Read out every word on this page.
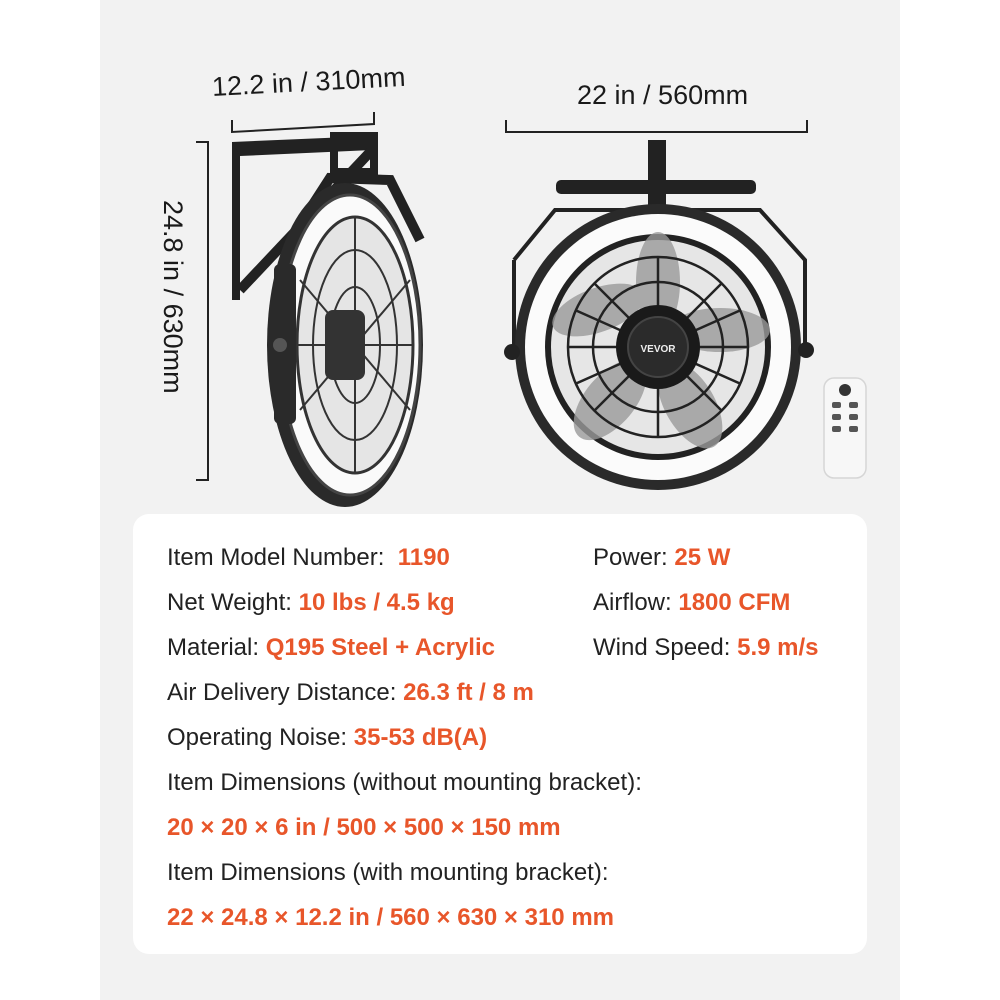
VEVOR
12.2 in / 310mm	22 in / 560mm
24.8 in / 630mm
Item Model Number: 1190
Net Weight: 10 lbs / 4.5 kg
Material: Q195 Steel + Acrylic
Air Delivery Distance: 26.3 ft / 8 m
Operating Noise: 35-53 dB(A)
Power: 25 W
Airflow: 1800 CFM
Wind Speed: 5.9 m/s
Item Dimensions (without mounting bracket):
20 × 20 × 6 in / 500 × 500 × 150 mm
Item Dimensions (with mounting bracket):
22 × 24.8 × 12.2 in / 560 × 630 × 310 mm
